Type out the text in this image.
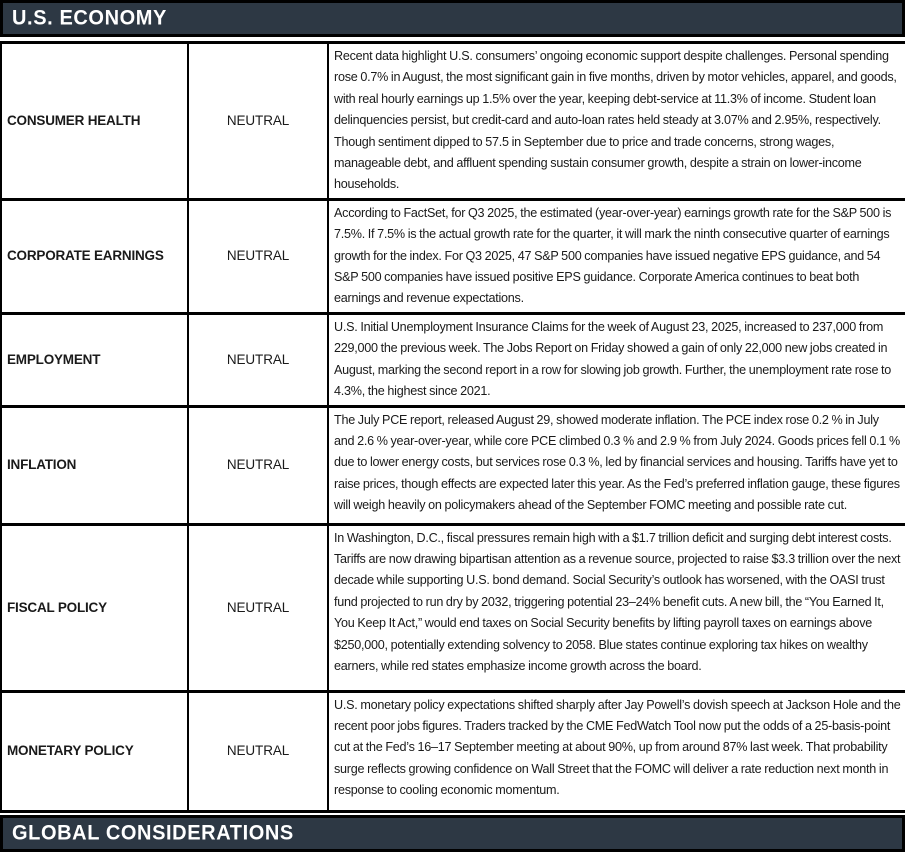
U.S. ECONOMY
CONSUMER HEALTH	NEUTRAL	Recent data highlight U.S. consumers’ ongoing economic support despite challenges. Personal spending rose 0.7% in August, the most significant gain in five months, driven by motor vehicles, apparel, and goods, with real hourly earnings up 1.5% over the year, keeping debt-service at 11.3% of income. Student loan delinquencies persist, but credit-card and auto-loan rates held steady at 3.07% and 2.95%, respectively. Though sentiment dipped to 57.5 in September due to price and trade concerns, strong wages, manageable debt, and affluent spending sustain consumer growth, despite a strain on lower-income households.
CORPORATE EARNINGS	NEUTRAL	According to FactSet, for Q3 2025, the estimated (year-over-year) earnings growth rate for the S&P 500 is 7.5%. If 7.5% is the actual growth rate for the quarter, it will mark the ninth consecutive quarter of earnings growth for the index. For Q3 2025, 47 S&P 500 companies have issued negative EPS guidance, and 54 S&P 500 companies have issued positive EPS guidance. Corporate America continues to beat both earnings and revenue expectations.
EMPLOYMENT	NEUTRAL	U.S. Initial Unemployment Insurance Claims for the week of August 23, 2025, increased to 237,000 from 229,000 the previous week. The Jobs Report on Friday showed a gain of only 22,000 new jobs created in August, marking the second report in a row for slowing job growth. Further, the unemployment rate rose to 4.3%, the highest since 2021.
INFLATION	NEUTRAL	The July PCE report, released August 29, showed moderate inflation. The PCE index rose 0.2 % in July and 2.6 % year-over-year, while core PCE climbed 0.3 % and 2.9 % from July 2024. Goods prices fell 0.1 % due to lower energy costs, but services rose 0.3 %, led by financial services and housing. Tariffs have yet to raise prices, though effects are expected later this year. As the Fed’s preferred inflation gauge, these figures will weigh heavily on policymakers ahead of the September FOMC meeting and possible rate cut.
FISCAL POLICY	NEUTRAL	In Washington, D.C., fiscal pressures remain high with a $1.7 trillion deficit and surging debt interest costs. Tariffs are now drawing bipartisan attention as a revenue source, projected to raise $3.3 trillion over the next decade while supporting U.S. bond demand. Social Security’s outlook has worsened, with the OASI trust fund projected to run dry by 2032, triggering potential 23–24% benefit cuts. A new bill, the “You Earned It, You Keep It Act,” would end taxes on Social Security benefits by lifting payroll taxes on earnings above $250,000, potentially extending solvency to 2058. Blue states continue exploring tax hikes on wealthy earners, while red states emphasize income growth across the board.
MONETARY POLICY	NEUTRAL	U.S. monetary policy expectations shifted sharply after Jay Powell’s dovish speech at Jackson Hole and the recent poor jobs figures. Traders tracked by the CME FedWatch Tool now put the odds of a 25-basis-point cut at the Fed’s 16–17 September meeting at about 90%, up from around 87% last week. That probability surge reflects growing confidence on Wall Street that the FOMC will deliver a rate reduction next month in response to cooling economic momentum.
GLOBAL CONSIDERATIONS
